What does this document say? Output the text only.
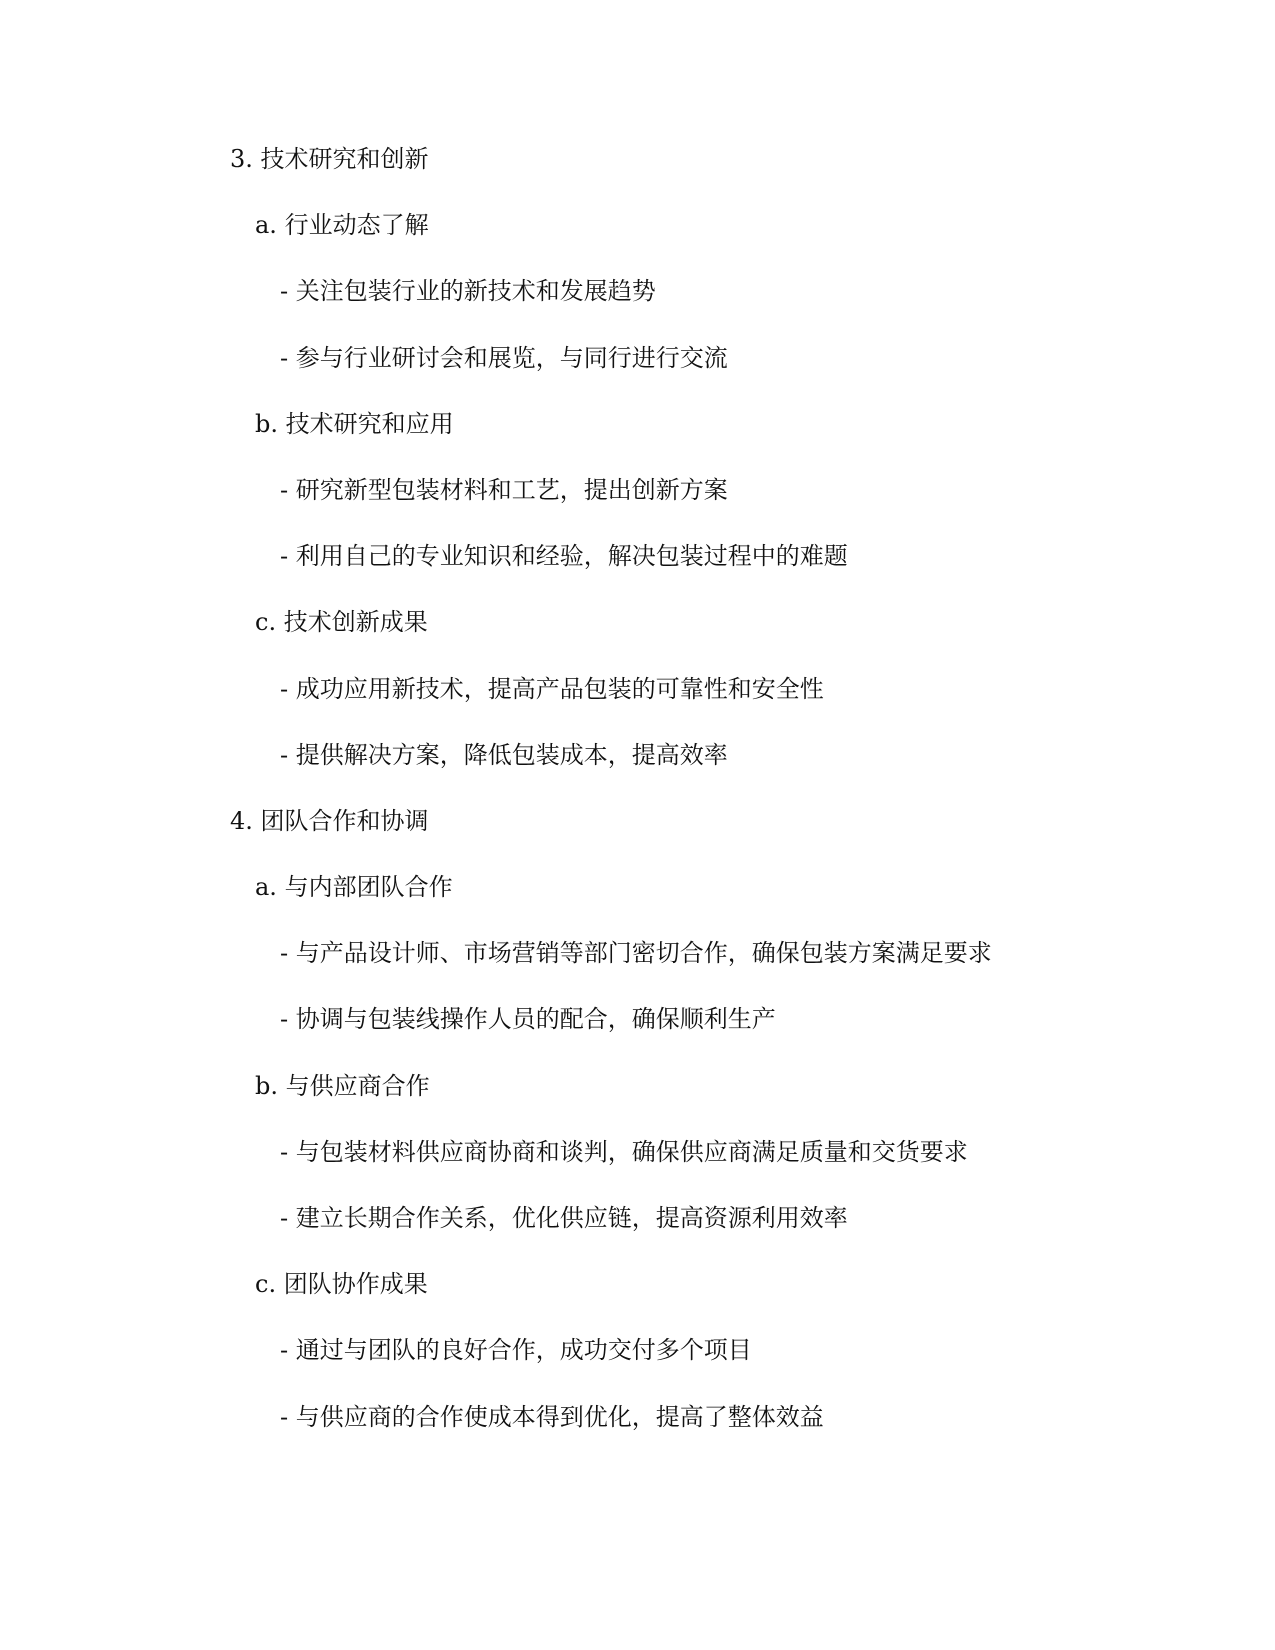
3. 技术研究和创新
a. 行业动态了解
- 关注包装行业的新技术和发展趋势
- 参与行业研讨会和展览，与同行进行交流
b. 技术研究和应用
- 研究新型包装材料和工艺，提出创新方案
- 利用自己的专业知识和经验，解决包装过程中的难题
c. 技术创新成果
- 成功应用新技术，提高产品包装的可靠性和安全性
- 提供解决方案，降低包装成本，提高效率
4. 团队合作和协调
a. 与内部团队合作
- 与产品设计师、市场营销等部门密切合作，确保包装方案满足要求
- 协调与包装线操作人员的配合，确保顺利生产
b. 与供应商合作
- 与包装材料供应商协商和谈判，确保供应商满足质量和交货要求
- 建立长期合作关系，优化供应链，提高资源利用效率
c. 团队协作成果
- 通过与团队的良好合作，成功交付多个项目
- 与供应商的合作使成本得到优化，提高了整体效益
